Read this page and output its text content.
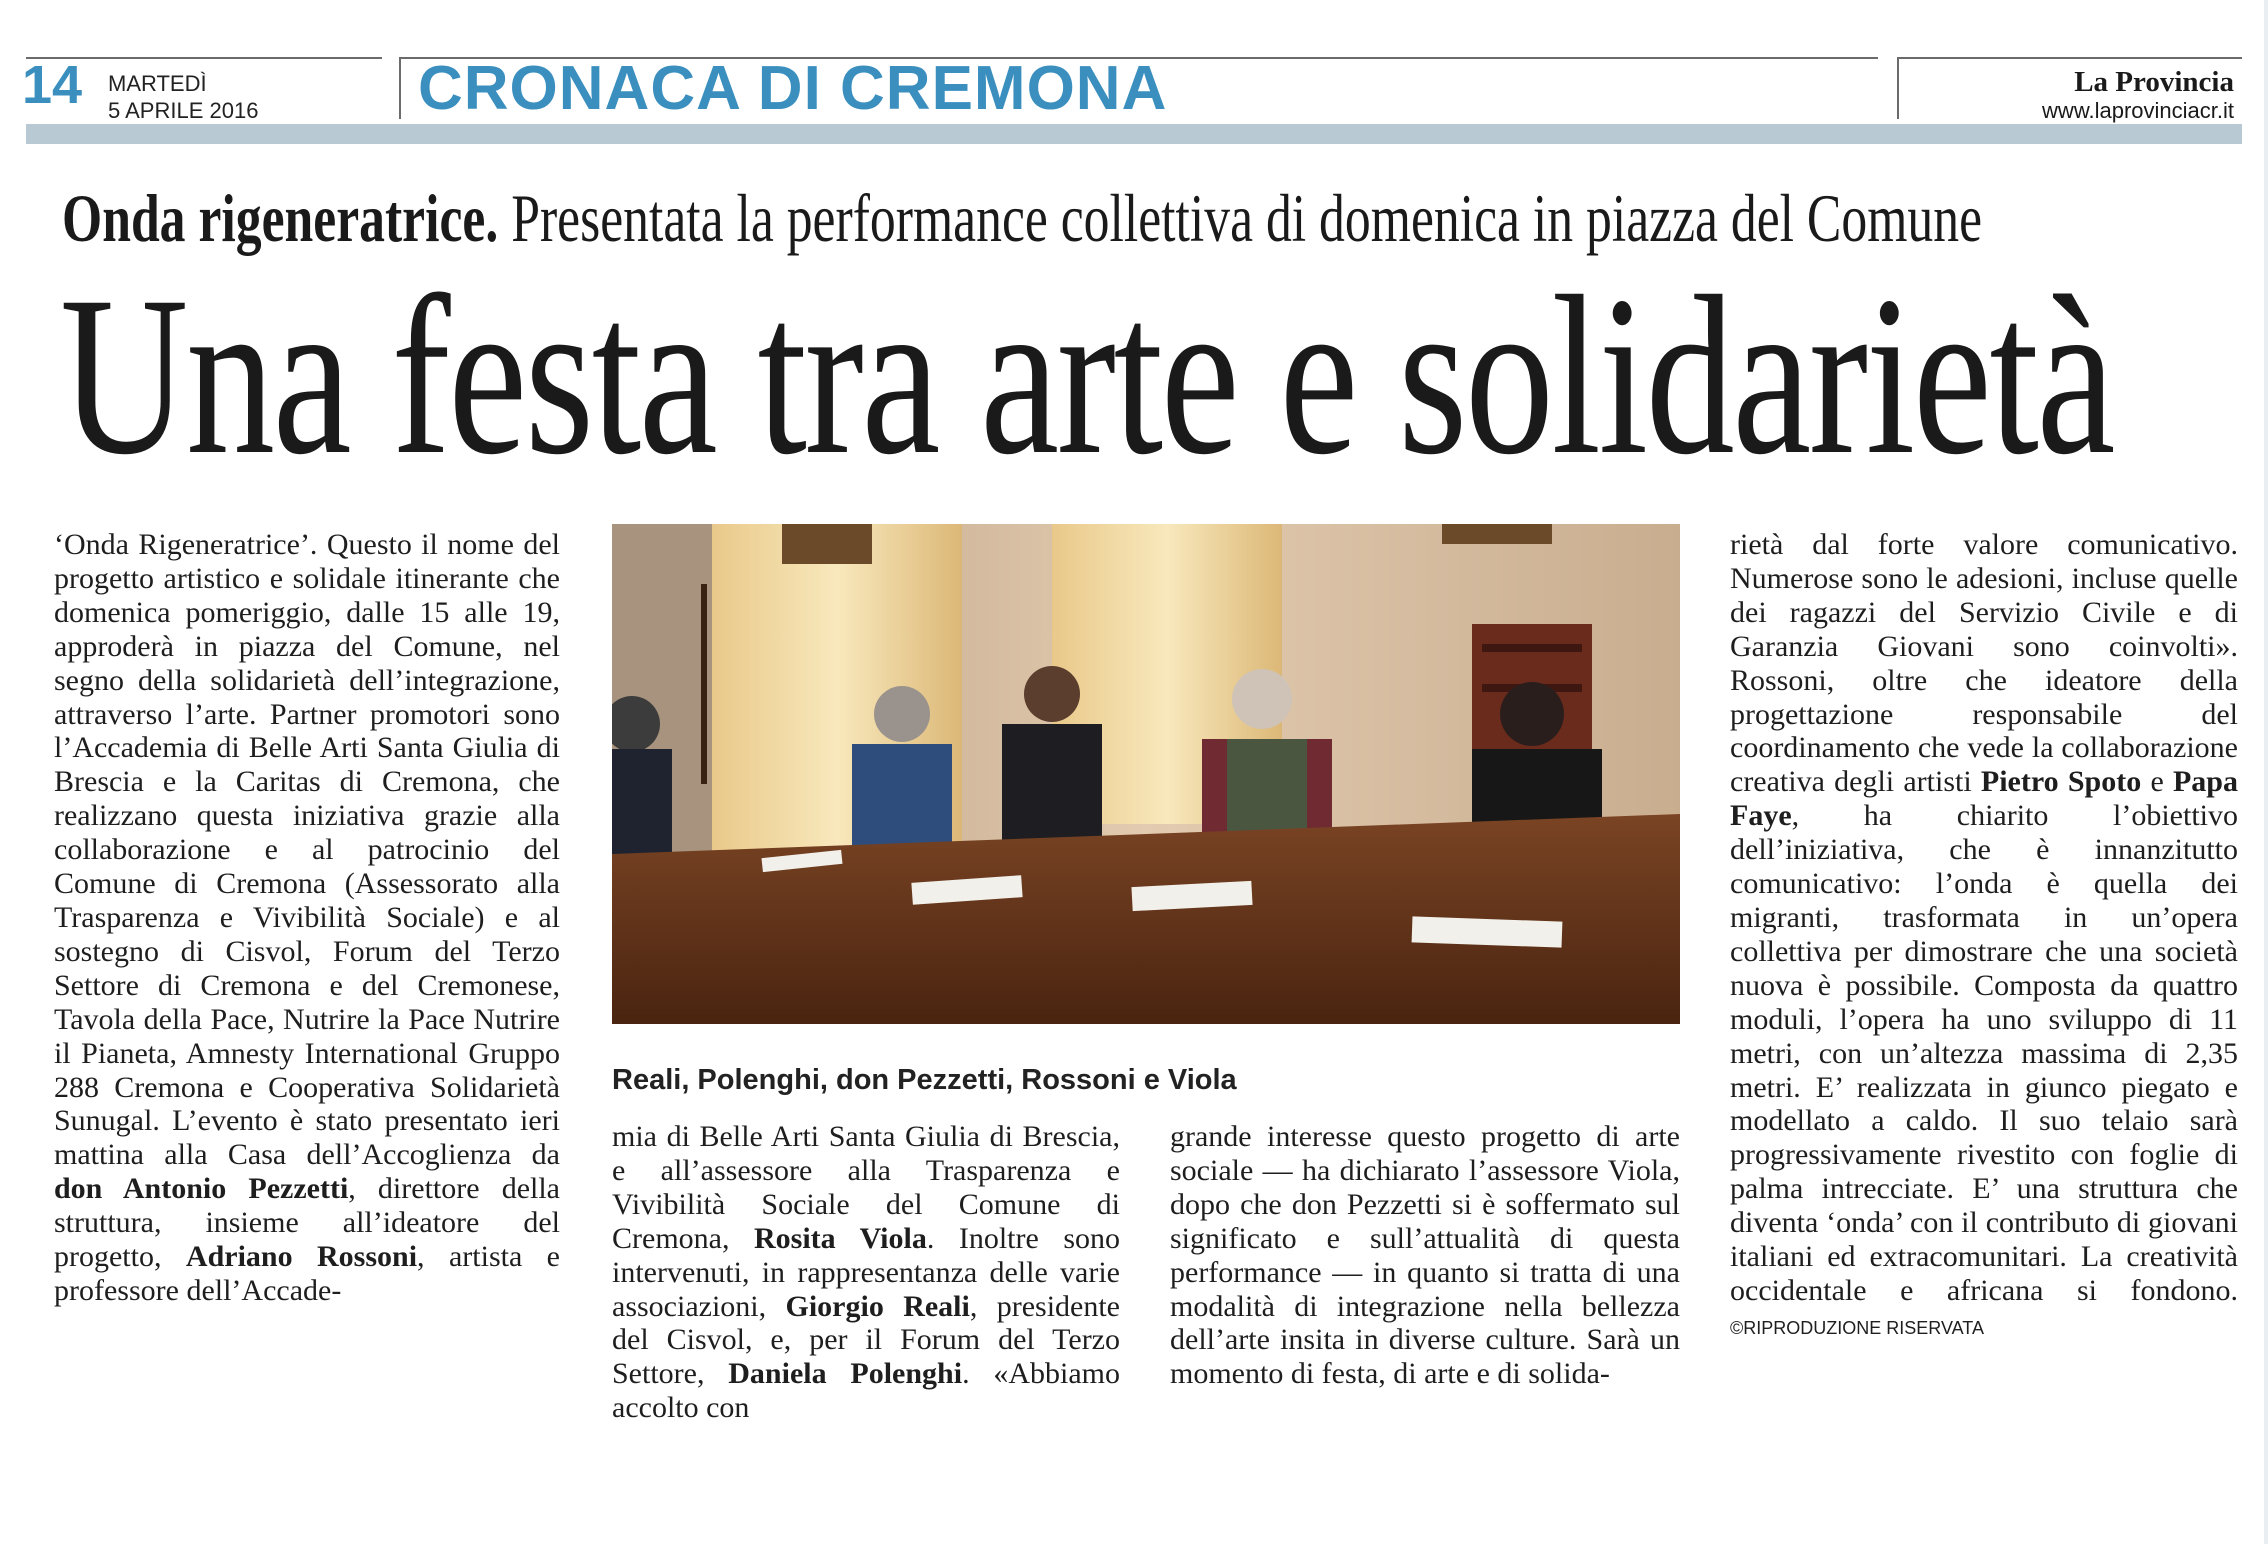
14 MARTEDÌ
5 APRILE 2016	CRONACA DI CREMONA	La Provincia
www.laprovinciacr.it
Onda rigeneratrice. Presentata la performance collettiva di domenica in piazza del Comune
Una festa tra arte e solidarietà
Reali, Polenghi, don Pezzetti, Rossoni e Viola
‘Onda Rigeneratrice’. Questo il nome del progetto artistico e solidale itinerante che domenica pomeriggio, dalle 15 alle 19, approderà in piazza del Comune, nel segno della solidarietà dell’integrazione, attraverso l’arte. Partner promotori sono l’Accademia di Belle Arti Santa Giulia di Brescia e la Caritas di Cremona, che realizzano questa iniziativa grazie alla collaborazione e al patrocinio del Comune di Cremona (Assessorato alla Trasparenza e Vivibilità Sociale) e al sostegno di Cisvol, Forum del Terzo Settore di Cremona e del Cremonese, Tavola della Pace, Nutrire la Pace Nutrire il Pianeta, Amnesty International Gruppo 288 Cremona e Cooperativa Solidarietà Sunugal. L’evento è stato presentato ieri mattina alla Casa dell’Accoglienza da don Antonio Pezzetti, direttore della struttura, insieme all’ideatore del progetto, Adriano Rossoni, artista e professore dell’Accade-
mia di Belle Arti Santa Giulia di Brescia, e all’assessore alla Trasparenza e Vivibilità Sociale del Comune di Cremona, Rosita Viola. Inoltre sono intervenuti, in rappresentanza delle varie associazioni, Giorgio Reali, presidente del Cisvol, e, per il Forum del Terzo Settore, Daniela Polenghi. «Abbiamo accolto con
grande interesse questo progetto di arte sociale — ha dichiarato l’assessore Viola, dopo che don Pezzetti si è soffermato sul significato e sull’attualità di questa performance — in quanto si tratta di una modalità di integrazione nella bellezza dell’arte insita in diverse culture. Sarà un momento di festa, di arte e di solida-
rietà dal forte valore comunicativo. Numerose sono le adesioni, incluse quelle dei ragazzi del Servizio Civile e di Garanzia Giovani sono coinvolti». Rossoni, oltre che ideatore della progettazione responsabile del coordinamento che vede la collaborazione creativa degli artisti Pietro Spoto e Papa Faye, ha chiarito l’obiettivo dell’iniziativa, che è innanzitutto comunicativo: l’onda è quella dei migranti, trasformata in un’opera collettiva per dimostrare che una società nuova è possibile. Composta da quattro moduli, l’opera ha uno sviluppo di 11 metri, con un’altezza massima di 2,35 metri. E’ realizzata in giunco piegato e modellato a caldo. Il suo telaio sarà progressivamente rivestito con foglie di palma intrecciate. E’ una struttura che diventa ‘onda’ con il contributo di giovani italiani ed extracomunitari. La creatività occidentale e africana si fondono. ©RIPRODUZIONE RISERVATA
